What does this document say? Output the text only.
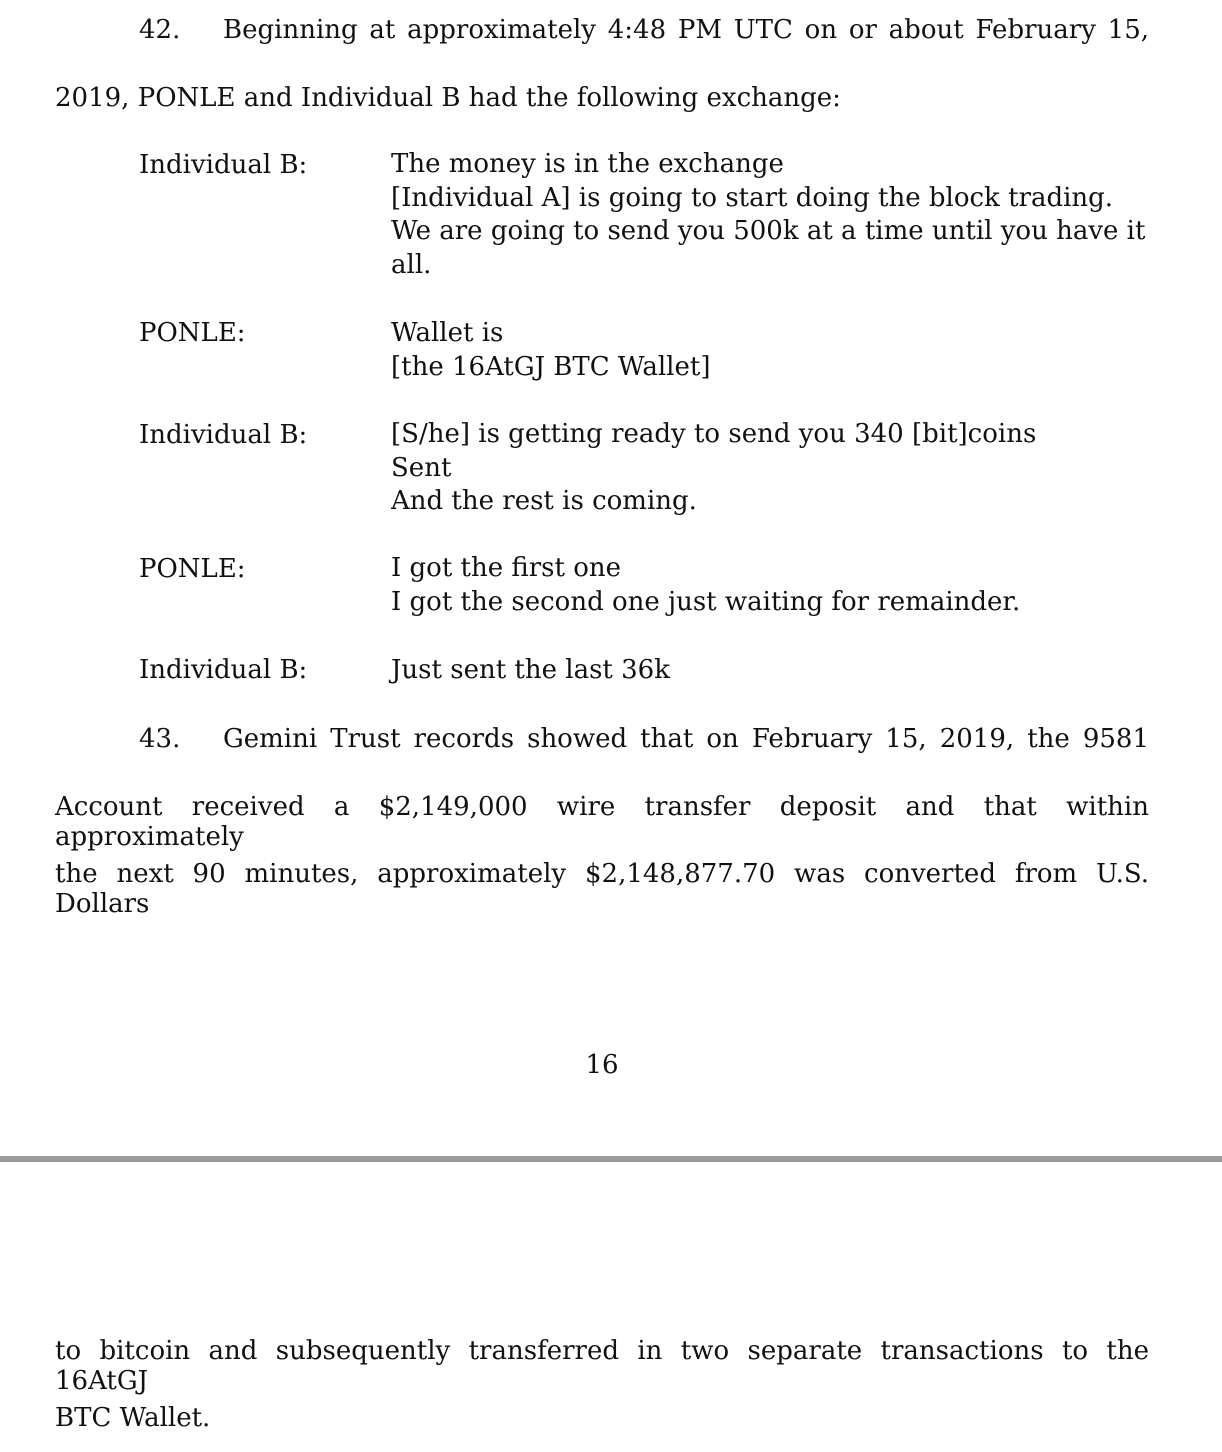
42. Beginning at approximately 4:48 PM UTC on or about February 15,
2019, PONLE and Individual B had the following exchange:
Individual B:	The money is in the exchange
[Individual A] is going to start doing the block trading.
We are going to send you 500k at a time until you have it
all.
PONLE:	Wallet is
[the 16AtGJ BTC Wallet]
Individual B:	[S/he] is getting ready to send you 340 [bit]coins
Sent
And the rest is coming.
PONLE:	I got the first one
I got the second one just waiting for remainder.
Individual B:	Just sent the last 36k
43. Gemini Trust records showed that on February 15, 2019, the 9581
Account received a $2,149,000 wire transfer deposit and that within approximately
the next 90 minutes, approximately $2,148,877.70 was converted from U.S. Dollars
16
to bitcoin and subsequently transferred in two separate transactions to the 16AtGJ
BTC Wallet.
